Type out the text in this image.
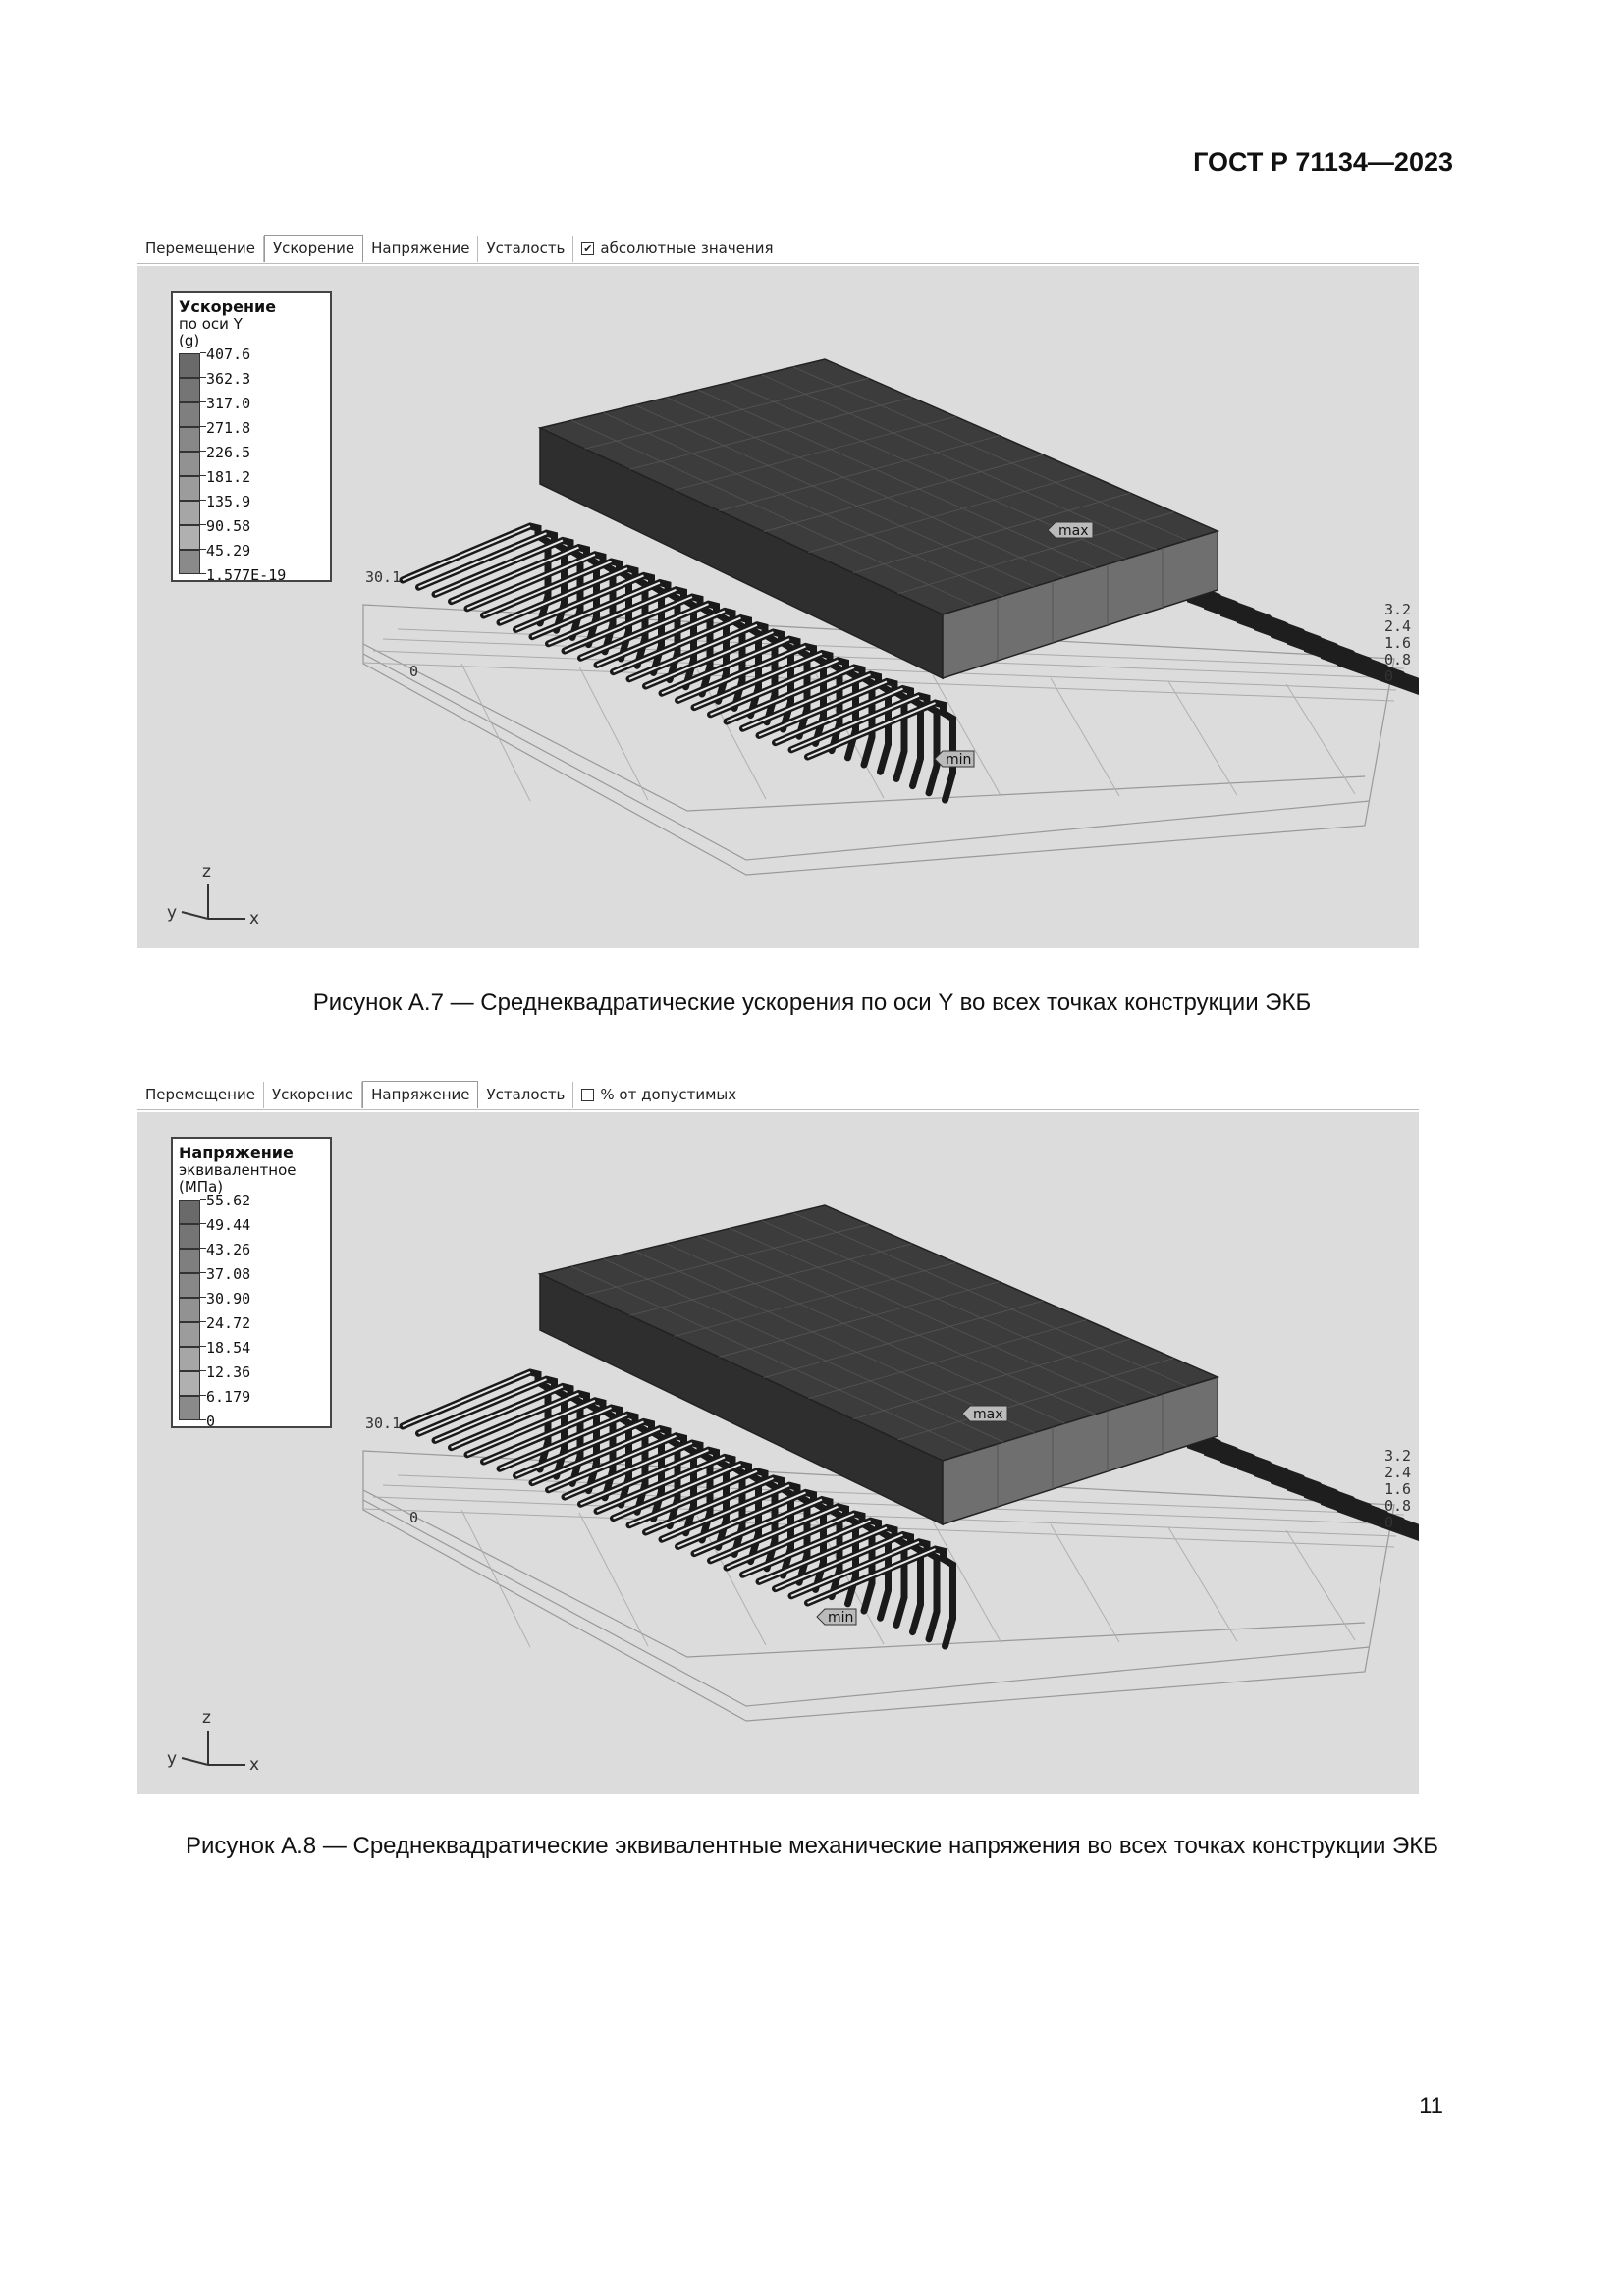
ГОСТ Р 71134—2023
Перемещение	Ускорение	Напряжение	Усталость	✔ абсолютные значения
30.1
0
3.2
2.4
1.6
0.8
0
max
min
z
y	x
Ускорение
по оси Y
(g)
407.6
362.3
317.0
271.8
226.5
181.2
135.9
90.58
45.29
1.577E-19
Рисунок А.7 — Среднеквадратические ускорения по оси Y во всех точках конструкции ЭКБ
Перемещение	Ускорение	Напряжение	Усталость	% от допустимых
30.1
0
3.2
2.4
1.6
0.8
0
max
min
z
y	x
Напряжение
эквивалентное
(МПа)
55.62
49.44
43.26
37.08
30.90
24.72
18.54
12.36
6.179
0
Рисунок А.8 — Среднеквадратические эквивалентные механические напряжения во всех точках конструкции ЭКБ
11
